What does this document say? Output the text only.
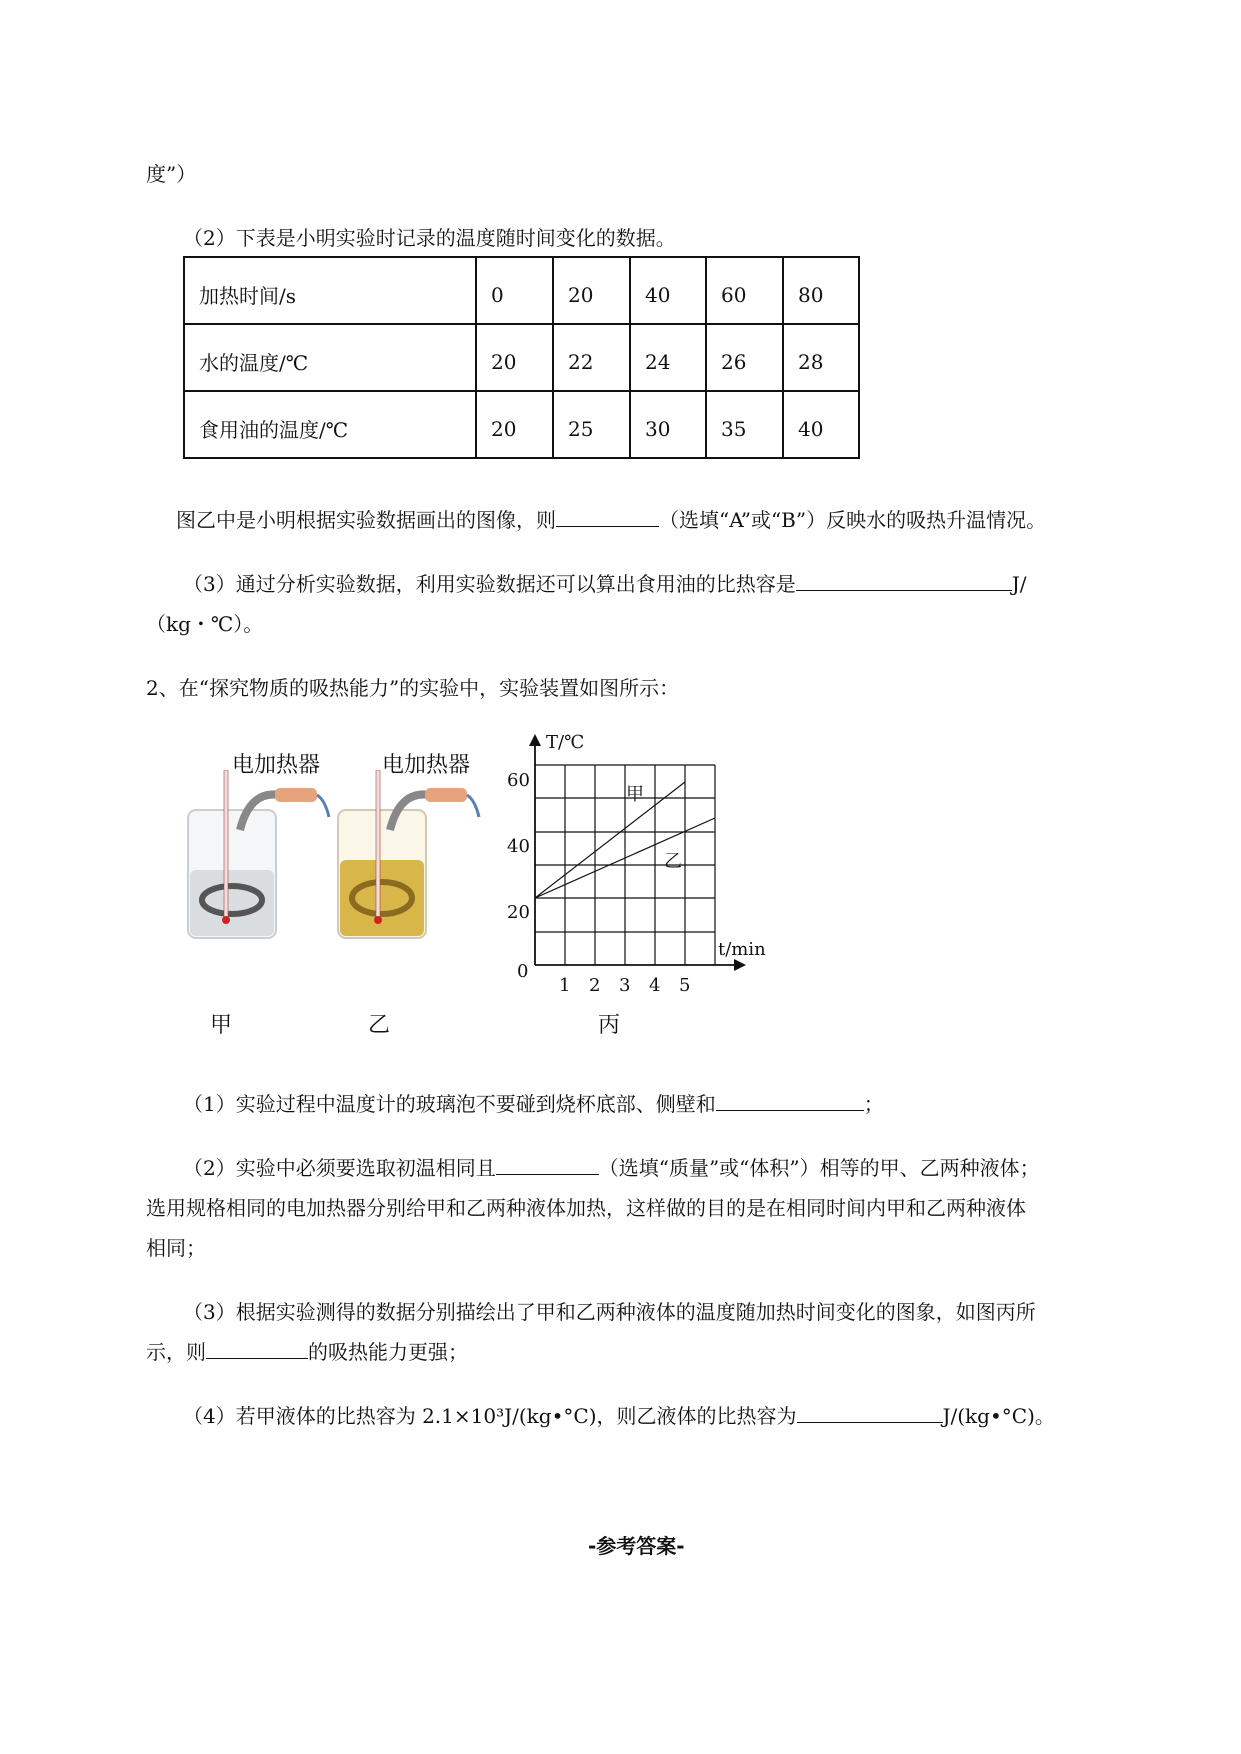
度”）
（2）下表是小明实验时记录的温度随时间变化的数据。
加热时间/s	0	20	40	60	80
水的温度/℃	20	22	24	26	28
食用油的温度/℃	20	25	30	35	40
图乙中是小明根据实验数据画出的图像，则	（选填“A”或“B”）反映水的吸热升温情况。
（3）通过分析实验数据，利用实验数据还可以算出食用油的比热容是	J/
（kg・℃）。
2、在“探究物质的吸热能力”的实验中，实验装置如图所示：
电加热器	电加热器
甲	乙	丙
60
40
20
0
1 2 3 4 5
T/℃
t/min
甲
乙
（1）实验过程中温度计的玻璃泡不要碰到烧杯底部、侧壁和	；
（2）实验中必须要选取初温相同且	（选填“质量”或“体积”）相等的甲、乙两种液体；
选用规格相同的电加热器分别给甲和乙两种液体加热，这样做的目的是在相同时间内甲和乙两种液体
相同；
（3）根据实验测得的数据分别描绘出了甲和乙两种液体的温度随加热时间变化的图象，如图丙所
示，则	的吸热能力更强；
（4）若甲液体的比热容为 2.1×10³J/(kg•°C)，则乙液体的比热容为	J/(kg•°C)。
-参考答案-
